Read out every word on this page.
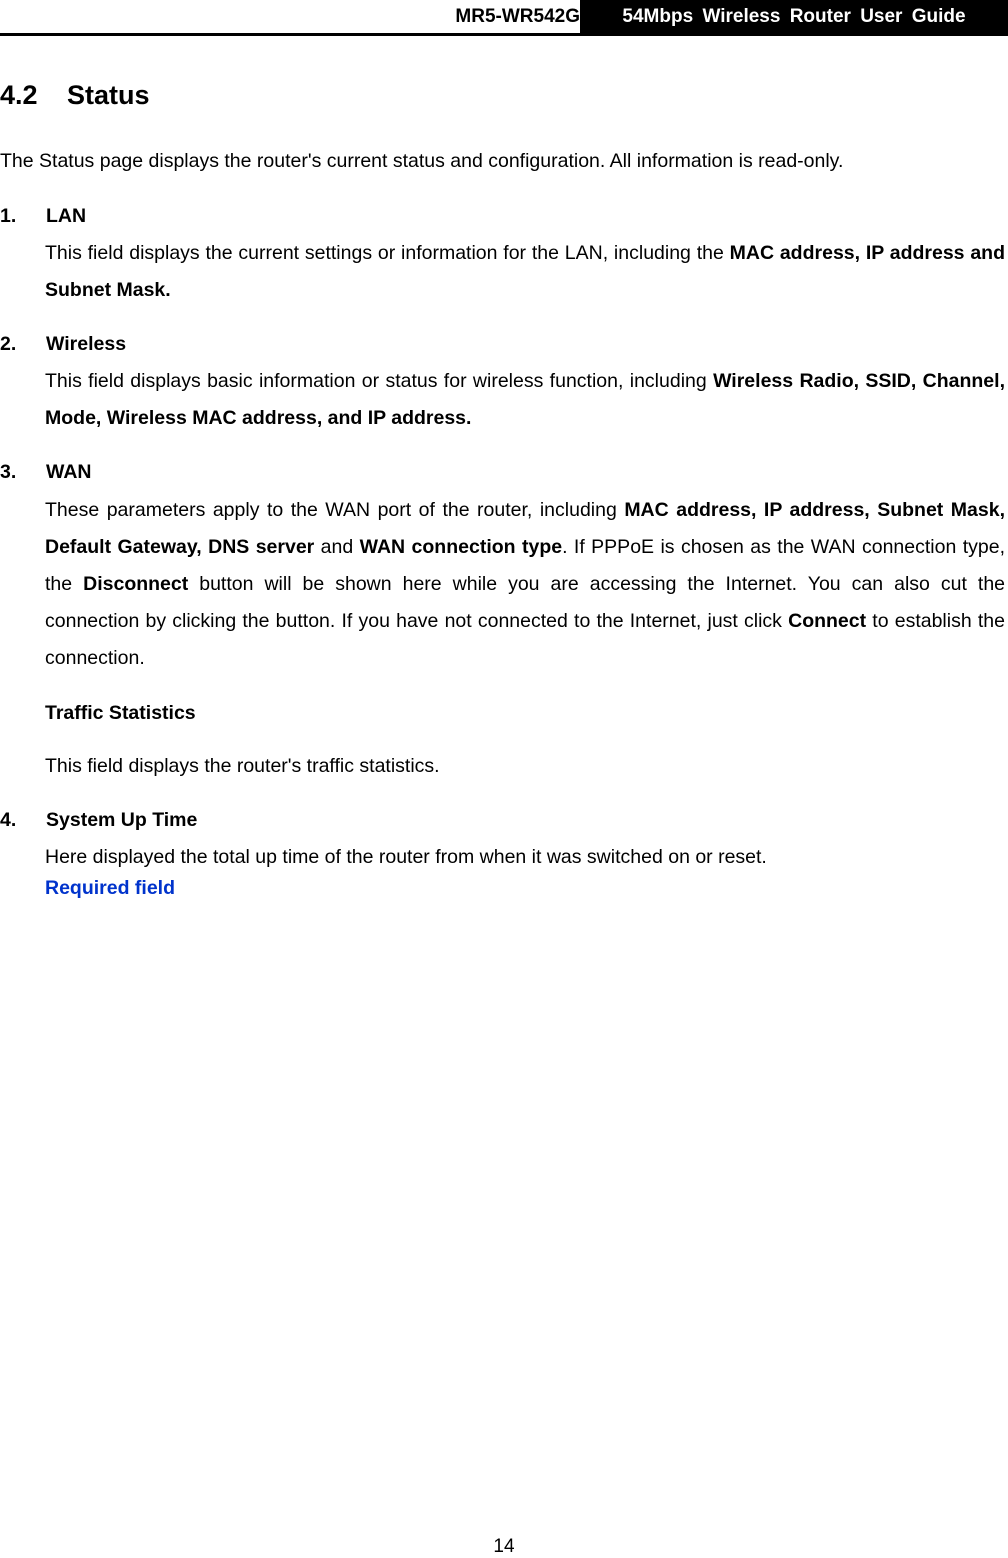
MR5-WR542G	54Mbps Wireless Router User Guide
4.2 Status
The Status page displays the router's current status and configuration. All information is read-only.
1. LAN
This field displays the current settings or information for the LAN, including the MAC address, IP address and Subnet Mask.
2. Wireless
This field displays basic information or status for wireless function, including Wireless Radio, SSID, Channel, Mode, Wireless MAC address, and IP address.
3. WAN
These parameters apply to the WAN port of the router, including MAC address, IP address, Subnet Mask, Default Gateway, DNS server and WAN connection type. If PPPoE is chosen as the WAN connection type, the Disconnect button will be shown here while you are accessing the Internet. You can also cut the connection by clicking the button. If you have not connected to the Internet, just click Connect to establish the connection.
Traffic Statistics
This field displays the router's traffic statistics.
4. System Up Time
Here displayed the total up time of the router from when it was switched on or reset.
Required field
14
